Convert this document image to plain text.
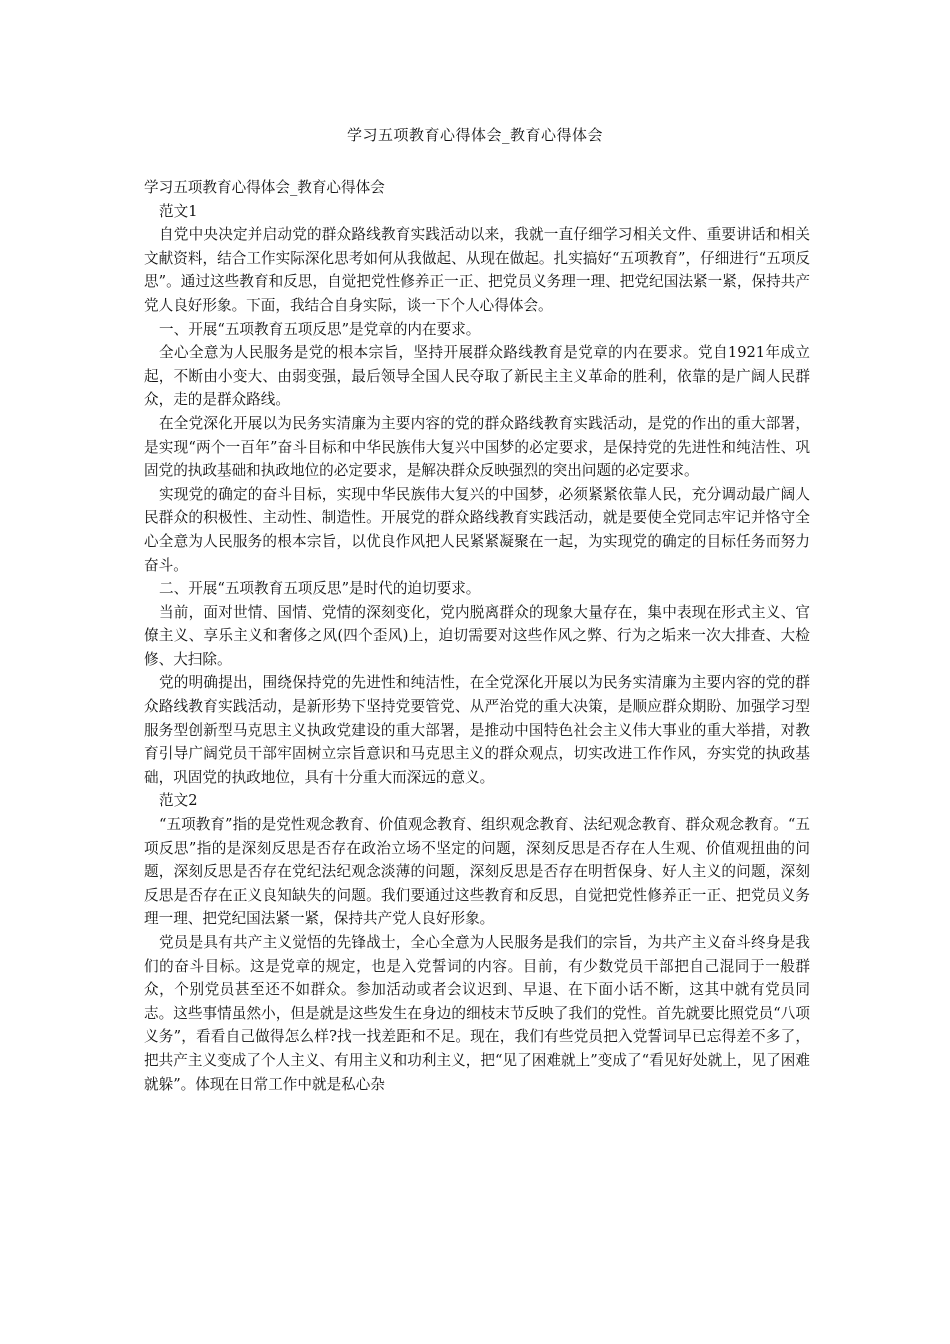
学习五项教育心得体会_教育心得体会
学习五项教育心得体会_教育心得体会

范文1

自党中央决定并启动党的群众路线教育实践活动以来，我就一直仔细学习相关文件、重要讲话和相关文献资料，结合工作实际深化思考如何从我做起、从现在做起。扎实搞好“五项教育”，仔细进行“五项反思”。通过这些教育和反思，自觉把党性修养正一正、把党员义务理一理、把党纪国法紧一紧，保持共产党人良好形象。下面，我结合自身实际，谈一下个人心得体会。

一、开展“五项教育五项反思”是党章的内在要求。

全心全意为人民服务是党的根本宗旨，坚持开展群众路线教育是党章的内在要求。党自1921年成立起，不断由小变大、由弱变强，最后领导全国人民夺取了新民主主义革命的胜利，依靠的是广阔人民群众，走的是群众路线。

在全党深化开展以为民务实清廉为主要内容的党的群众路线教育实践活动，是党的作出的重大部署，是实现“两个一百年”奋斗目标和中华民族伟大复兴中国梦的必定要求，是保持党的先进性和纯洁性、巩固党的执政基础和执政地位的必定要求，是解决群众反映强烈的突出问题的必定要求。

实现党的确定的奋斗目标，实现中华民族伟大复兴的中国梦，必须紧紧依靠人民，充分调动最广阔人民群众的积极性、主动性、制造性。开展党的群众路线教育实践活动，就是要使全党同志牢记并恪守全心全意为人民服务的根本宗旨，以优良作风把人民紧紧凝聚在一起，为实现党的确定的目标任务而努力奋斗。

二、开展“五项教育五项反思”是时代的迫切要求。

当前，面对世情、国情、党情的深刻变化，党内脱离群众的现象大量存在，集中表现在形式主义、官僚主义、享乐主义和奢侈之风(四个歪风)上，迫切需要对这些作风之弊、行为之垢来一次大排查、大检修、大扫除。

党的明确提出，围绕保持党的先进性和纯洁性，在全党深化开展以为民务实清廉为主要内容的党的群众路线教育实践活动，是新形势下坚持党要管党、从严治党的重大决策，是顺应群众期盼、加强学习型服务型创新型马克思主义执政党建设的重大部署，是推动中国特色社会主义伟大事业的重大举措，对教育引导广阔党员干部牢固树立宗旨意识和马克思主义的群众观点，切实改进工作作风，夯实党的执政基础，巩固党的执政地位，具有十分重大而深远的意义。

范文2

“五项教育”指的是党性观念教育、价值观念教育、组织观念教育、法纪观念教育、群众观念教育。“五项反思”指的是深刻反思是否存在政治立场不坚定的问题，深刻反思是否存在人生观、价值观扭曲的问题，深刻反思是否存在党纪法纪观念淡薄的问题，深刻反思是否存在明哲保身、好人主义的问题，深刻反思是否存在正义良知缺失的问题。我们要通过这些教育和反思，自觉把党性修养正一正、把党员义务理一理、把党纪国法紧一紧，保持共产党人良好形象。

党员是具有共产主义觉悟的先锋战士，全心全意为人民服务是我们的宗旨，为共产主义奋斗终身是我们的奋斗目标。这是党章的规定，也是入党誓词的内容。目前，有少数党员干部把自己混同于一般群众，个别党员甚至还不如群众。参加活动或者会议迟到、早退、在下面小话不断，这其中就有党员同志。这些事情虽然小，但是就是这些发生在身边的细枝末节反映了我们的党性。首先就要比照党员“八项义务”，看看自己做得怎么样?找一找差距和不足。现在，我们有些党员把入党誓词早已忘得差不多了，把共产主义变成了个人主义、有用主义和功利主义，把“见了困难就上”变成了“看见好处就上，见了困难就躲”。体现在日常工作中就是私心杂
